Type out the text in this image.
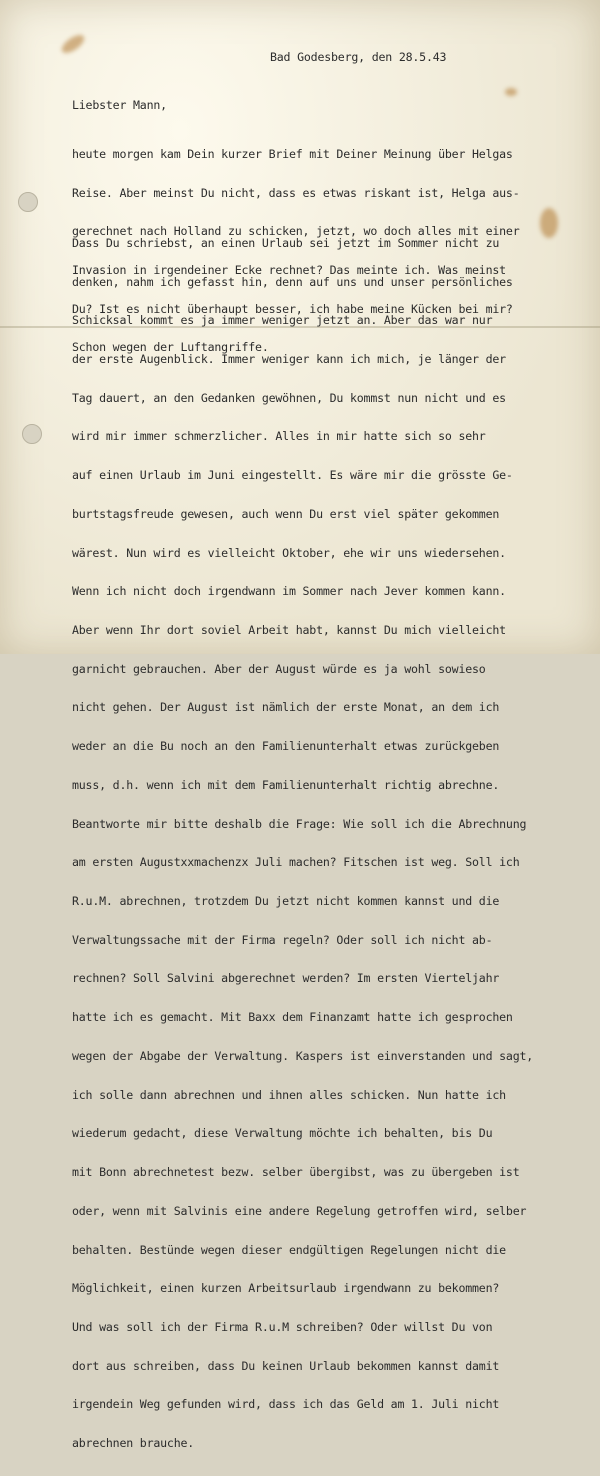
Bad Godesberg, den 28.5.43
Liebster Mann,

heute morgen kam Dein kurzer Brief mit Deiner Meinung über Helgas

Reise. Aber meinst Du nicht, dass es etwas riskant ist, Helga aus-

gerechnet nach Holland zu schicken, jetzt, wo doch alles mit einer

Invasion in irgendeiner Ecke rechnet? Das meinte ich. Was meinst

Du? Ist es nicht überhaupt besser, ich habe meine Kücken bei mir?

Schon wegen der Luftangriffe.

Dass Du schriebst, an einen Urlaub sei jetzt im Sommer nicht zu

denken, nahm ich gefasst hin, denn auf uns und unser persönliches

Schicksal kommt es ja immer weniger jetzt an. Aber das war nur

der erste Augenblick. Immer weniger kann ich mich, je länger der

Tag dauert, an den Gedanken gewöhnen, Du kommst nun nicht und es

wird mir immer schmerzlicher. Alles in mir hatte sich so sehr

auf einen Urlaub im Juni eingestellt. Es wäre mir die grösste Ge-

burtstagsfreude gewesen, auch wenn Du erst viel später gekommen

wärest. Nun wird es vielleicht Oktober, ehe wir uns wiedersehen.

Wenn ich nicht doch irgendwann im Sommer nach Jever kommen kann.

Aber wenn Ihr dort soviel Arbeit habt, kannst Du mich vielleicht

garnicht gebrauchen. Aber der August würde es ja wohl sowieso

nicht gehen. Der August ist nämlich der erste Monat, an dem ich

weder an die Bu noch an den Familienunterhalt etwas zurückgeben

muss, d.h. wenn ich mit dem Familienunterhalt richtig abrechne.

Beantworte mir bitte deshalb die Frage: Wie soll ich die Abrechnung

am ersten Augustxxmachenzx Juli machen? Fitschen ist weg. Soll ich

R.u.M. abrechnen, trotzdem Du jetzt nicht kommen kannst und die

Verwaltungssache mit der Firma regeln? Oder soll ich nicht ab-

rechnen? Soll Salvini abgerechnet werden? Im ersten Vierteljahr

hatte ich es gemacht. Mit Baxx dem Finanzamt hatte ich gesprochen

wegen der Abgabe der Verwaltung. Kaspers ist einverstanden und sagt,

ich solle dann abrechnen und ihnen alles schicken. Nun hatte ich

wiederum gedacht, diese Verwaltung möchte ich behalten, bis Du

mit Bonn abrechnetest bezw. selber übergibst, was zu übergeben ist

oder, wenn mit Salvinis eine andere Regelung getroffen wird, selber

behalten. Bestünde wegen dieser endgültigen Regelungen nicht die

Möglichkeit, einen kurzen Arbeitsurlaub irgendwann zu bekommen?

Und was soll ich der Firma R.u.M schreiben? Oder willst Du von

dort aus schreiben, dass Du keinen Urlaub bekommen kannst damit

irgendein Weg gefunden wird, dass ich das Geld am 1. Juli nicht

abrechnen brauche.
